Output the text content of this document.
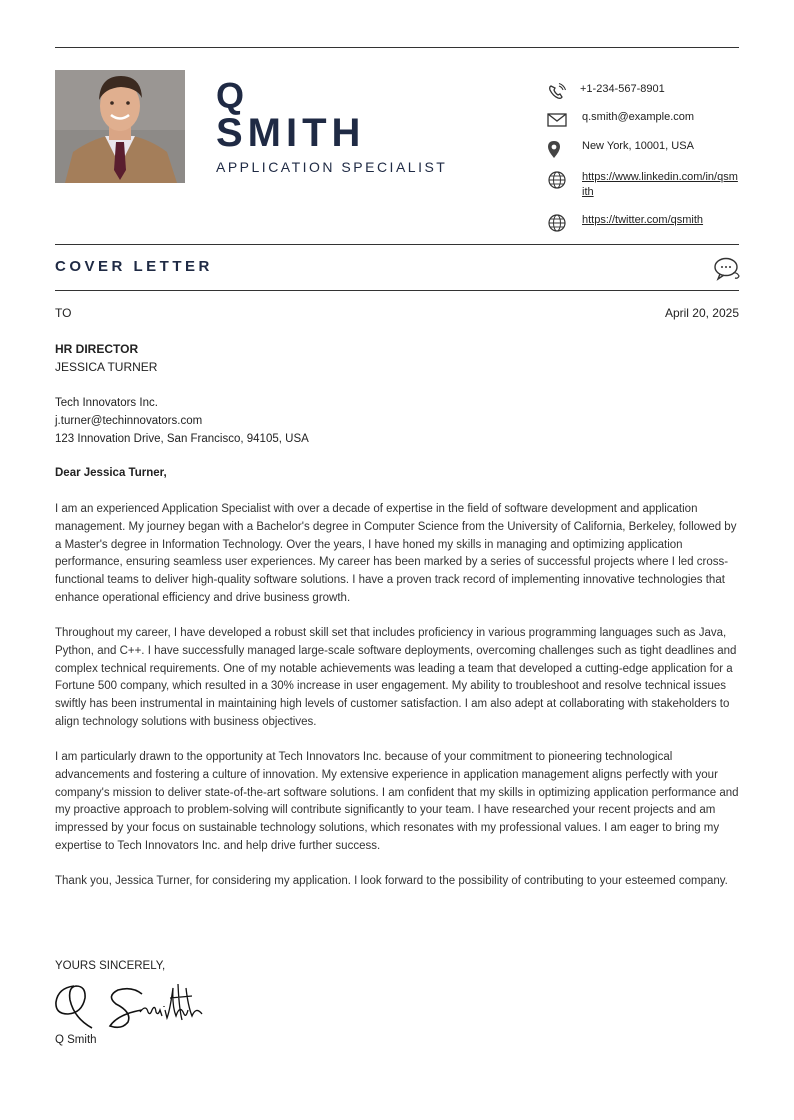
Q
SMITH
APPLICATION SPECIALIST
+1-234-567-8901
q.smith@example.com
New York, 10001, USA
https://www.linkedin.com/in/qsmith
https://twitter.com/qsmith
COVER LETTER
TO	April 20, 2025
HR DIRECTOR
JESSICA TURNER
Tech Innovators Inc.
j.turner@techinnovators.com
123 Innovation Drive, San Francisco, 94105, USA
Dear Jessica Turner,
I am an experienced Application Specialist with over a decade of expertise in the field of software development and application management. My journey began with a Bachelor's degree in Computer Science from the University of California, Berkeley, followed by a Master's degree in Information Technology. Over the years, I have honed my skills in managing and optimizing application performance, ensuring seamless user experiences. My career has been marked by a series of successful projects where I led cross-functional teams to deliver high-quality software solutions. I have a proven track record of implementing innovative technologies that enhance operational efficiency and drive business growth.
Throughout my career, I have developed a robust skill set that includes proficiency in various programming languages such as Java, Python, and C++. I have successfully managed large-scale software deployments, overcoming challenges such as tight deadlines and complex technical requirements. One of my notable achievements was leading a team that developed a cutting-edge application for a Fortune 500 company, which resulted in a 30% increase in user engagement. My ability to troubleshoot and resolve technical issues swiftly has been instrumental in maintaining high levels of customer satisfaction. I am also adept at collaborating with stakeholders to align technology solutions with business objectives.
I am particularly drawn to the opportunity at Tech Innovators Inc. because of your commitment to pioneering technological advancements and fostering a culture of innovation. My extensive experience in application management aligns perfectly with your company's mission to deliver state-of-the-art software solutions. I am confident that my skills in optimizing application performance and my proactive approach to problem-solving will contribute significantly to your team. I have researched your recent projects and am impressed by your focus on sustainable technology solutions, which resonates with my professional values. I am eager to bring my expertise to Tech Innovators Inc. and help drive further success.
Thank you, Jessica Turner, for considering my application. I look forward to the possibility of contributing to your esteemed company.
YOURS SINCERELY,
Q Smith
